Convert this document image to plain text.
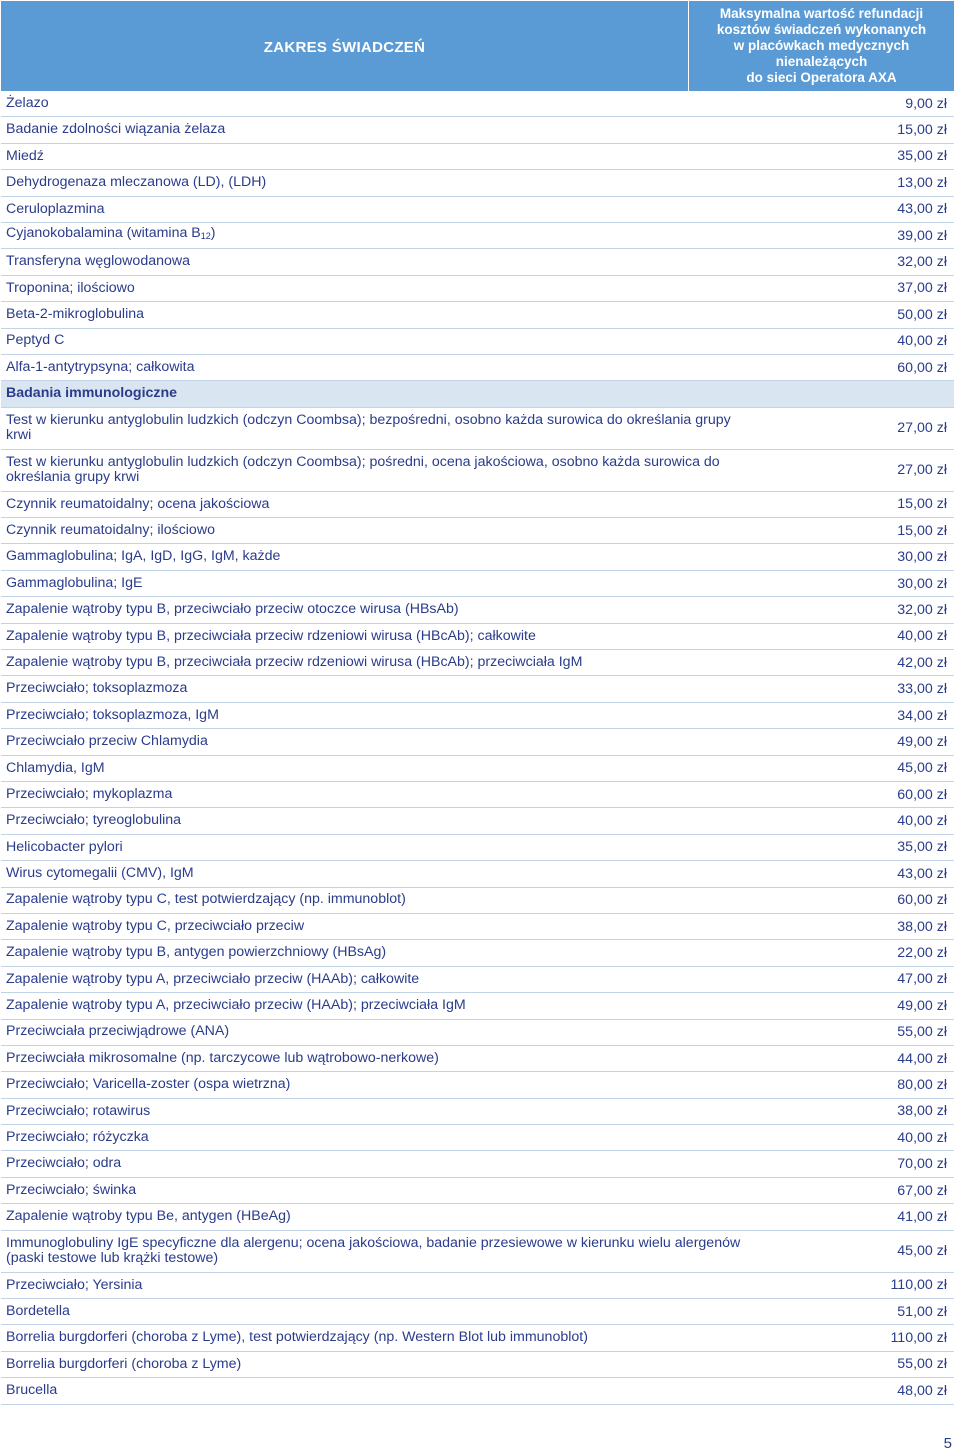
ZAKRES ŚWIADCZEŃ
Maksymalna wartość refundacji
kosztów świadczeń wykonanych
w placówkach medycznych
nienależących
do sieci Operatora AXA
Żelazo	9,00 zł
Badanie zdolności wiązania żelaza	15,00 zł
Miedź	35,00 zł
Dehydrogenaza mleczanowa (LD), (LDH)	13,00 zł
Ceruloplazmina	43,00 zł
Cyjanokobalamina (witamina $B_{12}$)	39,00 zł
Transferyna węglowodanowa	32,00 zł
Troponina; ilościowo	37,00 zł
Beta-2-mikroglobulina	50,00 zł
Peptyd C	40,00 zł
Alfa-1-antytrypsyna; całkowita	60,00 zł
Badania immunologiczne
Test w kierunku antyglobulin ludzkich (odczyn Coombsa); bezpośredni, osobno każda surowica do określania grupy krwi	27,00 zł
Test w kierunku antyglobulin ludzkich (odczyn Coombsa); pośredni, ocena jakościowa, osobno każda surowica do określania grupy krwi	27,00 zł
Czynnik reumatoidalny; ocena jakościowa	15,00 zł
Czynnik reumatoidalny; ilościowo	15,00 zł
Gammaglobulina; IgA, IgD, IgG, IgM, każde	30,00 zł
Gammaglobulina; IgE	30,00 zł
Zapalenie wątroby typu B, przeciwciało przeciw otoczce wirusa (HBsAb)	32,00 zł
Zapalenie wątroby typu B, przeciwciała przeciw rdzeniowi wirusa (HBcAb); całkowite	40,00 zł
Zapalenie wątroby typu B, przeciwciała przeciw rdzeniowi wirusa (HBcAb); przeciwciała IgM	42,00 zł
Przeciwciało; toksoplazmoza	33,00 zł
Przeciwciało; toksoplazmoza, IgM	34,00 zł
Przeciwciało przeciw Chlamydia	49,00 zł
Chlamydia, IgM	45,00 zł
Przeciwciało; mykoplazma	60,00 zł
Przeciwciało; tyreoglobulina	40,00 zł
Helicobacter pylori	35,00 zł
Wirus cytomegalii (CMV), IgM	43,00 zł
Zapalenie wątroby typu C, test potwierdzający (np. immunoblot)	60,00 zł
Zapalenie wątroby typu C, przeciwciało przeciw	38,00 zł
Zapalenie wątroby typu B, antygen powierzchniowy (HBsAg)	22,00 zł
Zapalenie wątroby typu A, przeciwciało przeciw (HAAb); całkowite	47,00 zł
Zapalenie wątroby typu A, przeciwciało przeciw (HAAb); przeciwciała IgM	49,00 zł
Przeciwciała przeciwjądrowe (ANA)	55,00 zł
Przeciwciała mikrosomalne (np. tarczycowe lub wątrobowo-nerkowe)	44,00 zł
Przeciwciało; Varicella-zoster (ospa wietrzna)	80,00 zł
Przeciwciało; rotawirus	38,00 zł
Przeciwciało; różyczka	40,00 zł
Przeciwciało; odra	70,00 zł
Przeciwciało; świnka	67,00 zł
Zapalenie wątroby typu Be, antygen (HBeAg)	41,00 zł
Immunoglobuliny IgE specyficzne dla alergenu; ocena jakościowa, badanie przesiewowe w kierunku wielu alergenów (paski testowe lub krążki testowe)	45,00 zł
Przeciwciało; Yersinia	110,00 zł
Bordetella	51,00 zł
Borrelia burgdorferi (choroba z Lyme), test potwierdzający (np. Western Blot lub immunoblot)	110,00 zł
Borrelia burgdorferi (choroba z Lyme)	55,00 zł
Brucella	48,00 zł
5
